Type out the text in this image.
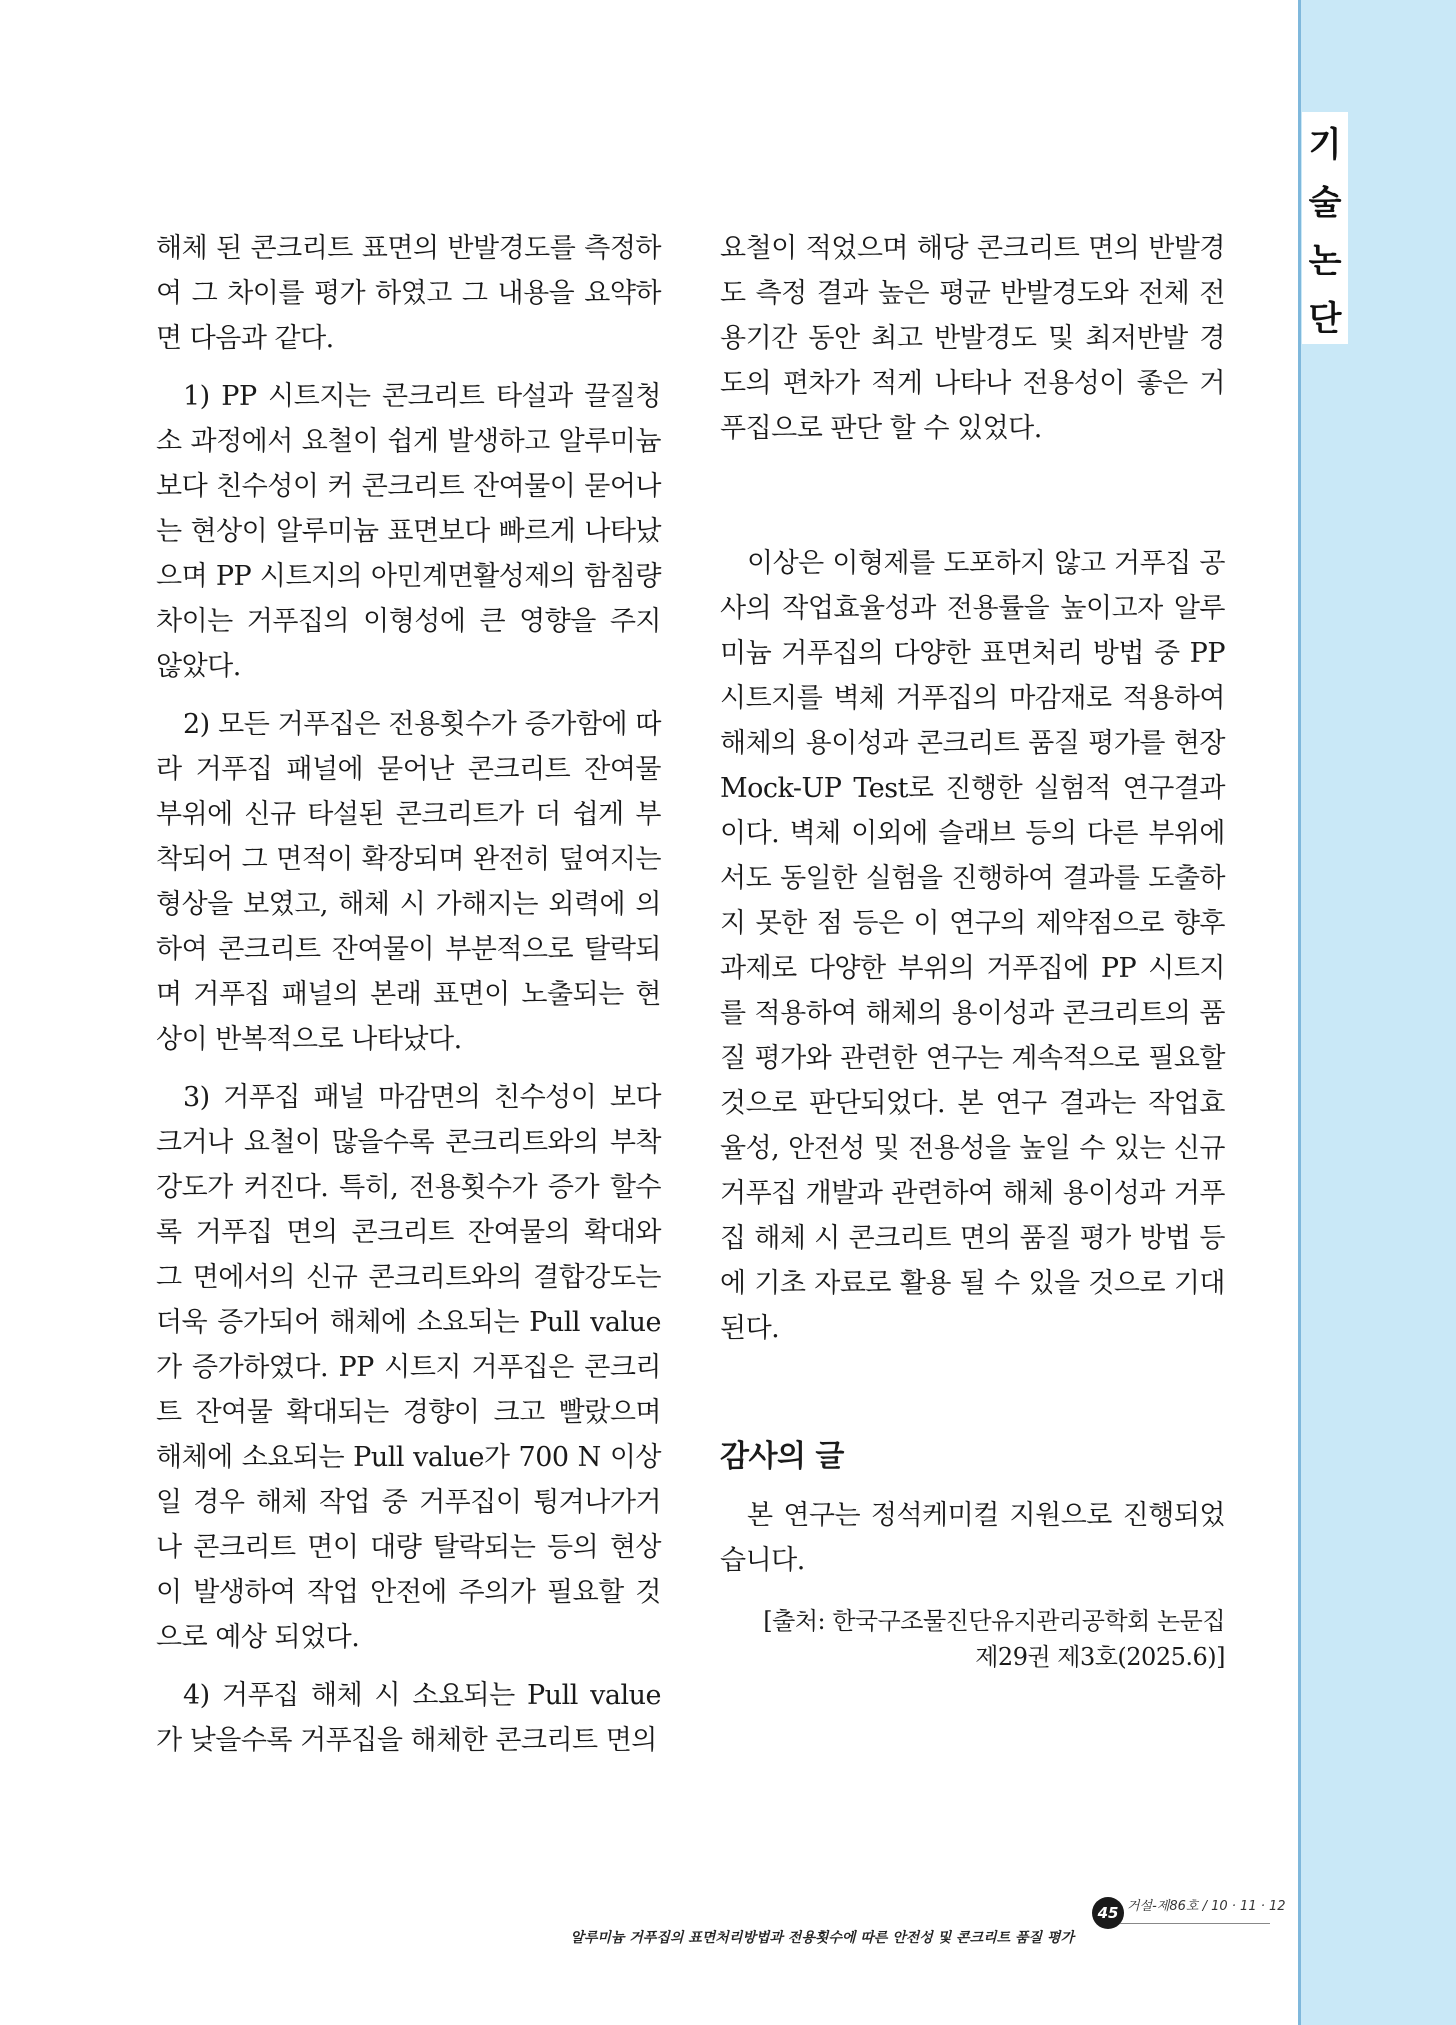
기
술
논
단

해체 된 콘크리트 표면의 반발경도를 측정하여 그 차이를 평가 하였고 그 내용을 요약하면 다음과 같다.

1) PP 시트지는 콘크리트 타설과 끌질청소 과정에서 요철이 쉽게 발생하고 알루미늄 보다 친수성이 커 콘크리트 잔여물이 묻어나는 현상이 알루미늄 표면보다 빠르게 나타났으며 PP 시트지의 아민계면활성제의 함침량 차이는 거푸집의 이형성에 큰 영향을 주지 않았다.

2) 모든 거푸집은 전용횟수가 증가함에 따라 거푸집 패널에 묻어난 콘크리트 잔여물 부위에 신규 타설된 콘크리트가 더 쉽게 부착되어 그 면적이 확장되며 완전히 덮여지는 형상을 보였고, 해체 시 가해지는 외력에 의하여 콘크리트 잔여물이 부분적으로 탈락되며 거푸집 패널의 본래 표면이 노출되는 현상이 반복적으로 나타났다.

3) 거푸집 패널 마감면의 친수성이 보다 크거나 요철이 많을수록 콘크리트와의 부착강도가 커진다. 특히, 전용횟수가 증가 할수록 거푸집 면의 콘크리트 잔여물의 확대와 그 면에서의 신규 콘크리트와의 결합강도는 더욱 증가되어 해체에 소요되는 Pull value가 증가하였다. PP 시트지 거푸집은 콘크리트 잔여물 확대되는 경향이 크고 빨랐으며 해체에 소요되는 Pull value가 700 N 이상일 경우 해체 작업 중 거푸집이 튕겨나가거나 콘크리트 면이 대량 탈락되는 등의 현상이 발생하여 작업 안전에 주의가 필요할 것으로 예상 되었다.

4) 거푸집 해체 시 소요되는 Pull value가 낮을수록 거푸집을 해체한 콘크리트 면의

요철이 적었으며 해당 콘크리트 면의 반발경도 측정 결과 높은 평균 반발경도와 전체 전용기간 동안 최고 반발경도 및 최저반발 경도의 편차가 적게 나타나 전용성이 좋은 거푸집으로 판단 할 수 있었다.

이상은 이형제를 도포하지 않고 거푸집 공사의 작업효율성과 전용률을 높이고자 알루미늄 거푸집의 다양한 표면처리 방법 중 PP 시트지를 벽체 거푸집의 마감재로 적용하여 해체의 용이성과 콘크리트 품질 평가를 현장 Mock-UP Test로 진행한 실험적 연구결과 이다. 벽체 이외에 슬래브 등의 다른 부위에서도 동일한 실험을 진행하여 결과를 도출하지 못한 점 등은 이 연구의 제약점으로 향후 과제로 다양한 부위의 거푸집에 PP 시트지를 적용하여 해체의 용이성과 콘크리트의 품질 평가와 관련한 연구는 계속적으로 필요할 것으로 판단되었다. 본 연구 결과는 작업효율성, 안전성 및 전용성을 높일 수 있는 신규 거푸집 개발과 관련하여 해체 용이성과 거푸집 해체 시 콘크리트 면의 품질 평가 방법 등에 기초 자료로 활용 될 수 있을 것으로 기대된다.

감사의 글

본 연구는 정석케미컬 지원으로 진행되었습니다.

[출처: 한국구조물진단유지관리공학회 논문집
제29권 제3호(2025.6)]
45 거설-제86호 / 10 · 11 · 12
알루미늄 거푸집의 표면처리방법과 전용횟수에 따른 안전성 및 콘크리트 품질 평가
